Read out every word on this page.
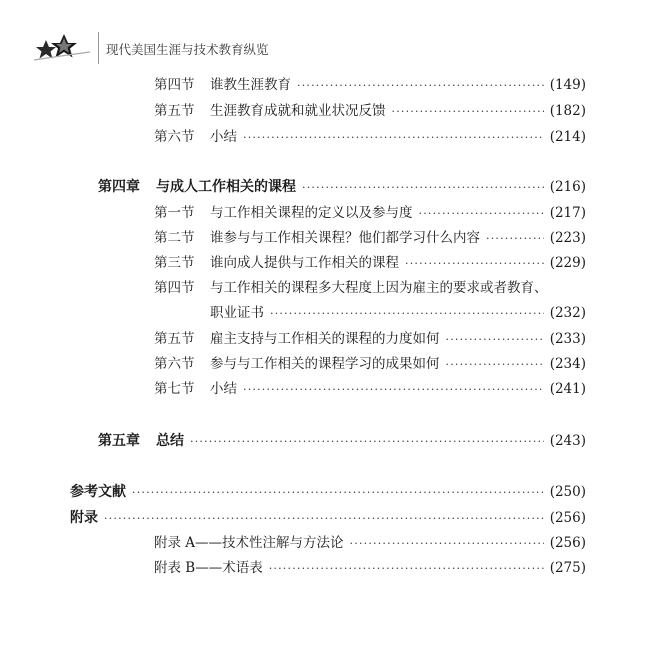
现代美国生涯与技术教育纵览
第四节	谁教生涯教育 ·····	(149)
第五节	生涯教育成就和就业状况反馈 ·····	(182)
第六节	小结 ·····	(214)
第四章	与成人工作相关的课程 ·····	(216)
第一节	与工作相关课程的定义以及参与度 ·····	(217)
第二节	谁参与与工作相关课程？他们都学习什么内容 ·····	(223)
第三节	谁向成人提供与工作相关的课程 ·····	(229)
第四节 与工作相关的课程多大程度上因为雇主的要求或者教育、
职业证书 ·····	(232)
第五节	雇主支持与工作相关的课程的力度如何 ·····	(233)
第六节	参与与工作相关的课程学习的成果如何 ·····	(234)
第七节	小结 ·····	(241)
第五章	总结 ·····	(243)
参考文献 ·····	(250)
附录 ·····	(256)
附录 A——技术性注解与方法论 ·····	(256)
附表 B——术语表 ·····	(275)
